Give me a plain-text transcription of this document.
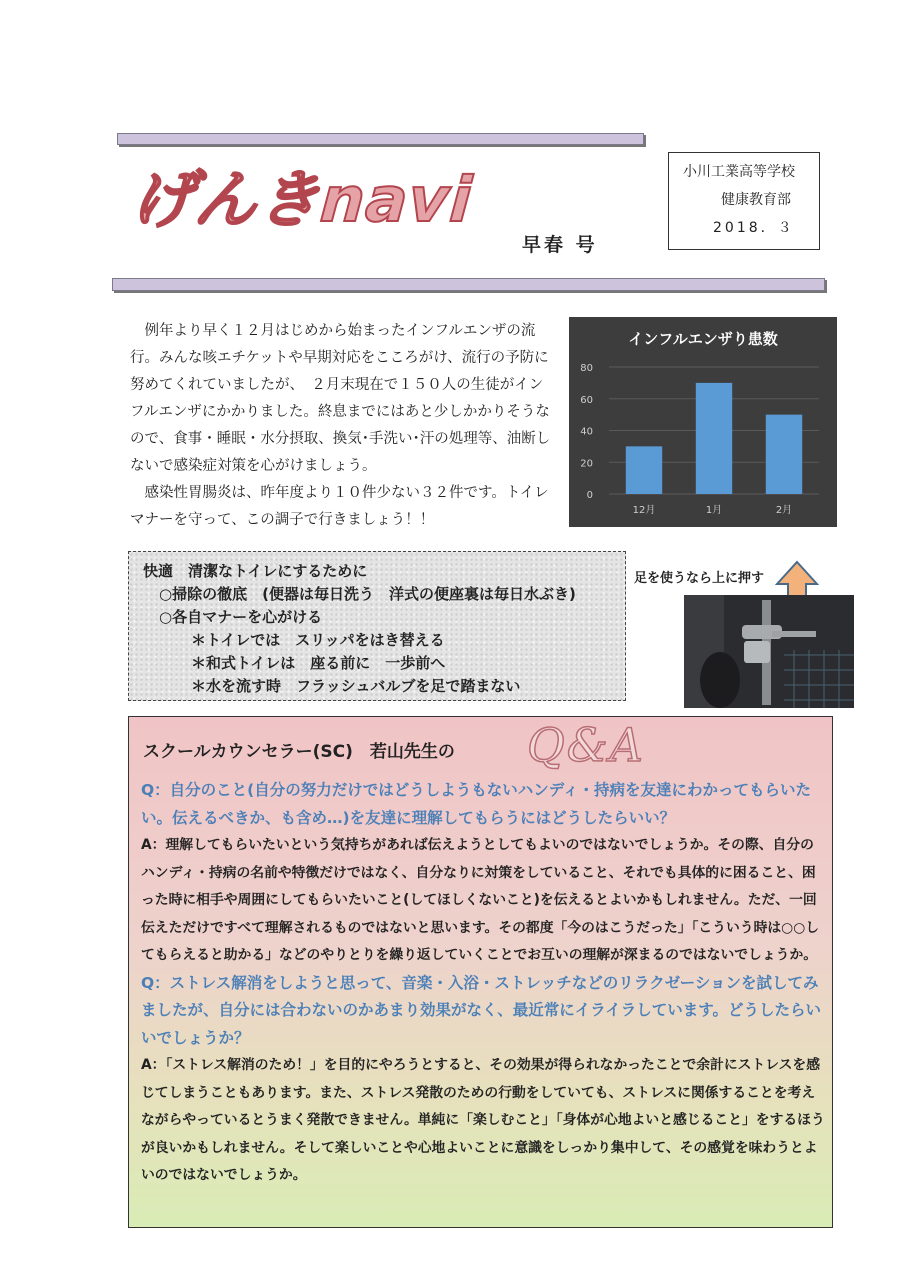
げんきnavi
早春 号
小川工業高等学校
健康教育部
2018．３

例年より早く１２月はじめから始まったインフルエンザの流行。みんな咳エチケットや早期対応をこころがけ、流行の予防に努めてくれていましたが、　２月末現在で１５０人の生徒がインフルエンザにかかりました。終息までにはあと少しかかりそうなので、食事・睡眠・水分摂取、換気･手洗い･汗の処理等、油断しないで感染症対策を心がけましょう。

感染性胃腸炎は、昨年度より１０件少ない３２件です。トイレマナーを守って、この調子で行きましょう！！

インフルエンザり患数
0
20
40
60
80
12月	1月	2月
快適　清潔なトイレにするために
○掃除の徹底　(便器は毎日洗う　洋式の便座裏は毎日水ぶき)
○各自マナーを心がける
＊トイレでは　スリッパをはき替える
＊和式トイレは　座る前に　一歩前へ
＊水を流す時　フラッシュバルブを足で踏まない
足を使うなら上に押す
Q&A
スクールカウンセラー(SC)　若山先生の

Q：自分のこと(自分の努力だけではどうしようもないハンディ・持病を友達にわかってもらいたい。伝えるべきか、も含め…)を友達に理解してもらうにはどうしたらいい？

A：理解してもらいたいという気持ちがあれば伝えようとしてもよいのではないでしょうか。その際、自分のハンディ・持病の名前や特徴だけではなく、自分なりに対策をしていること、それでも具体的に困ること、困った時に相手や周囲にしてもらいたいこと(してほしくないこと)を伝えるとよいかもしれません。ただ、一回伝えただけですべて理解されるものではないと思います。その都度「今のはこうだった」「こういう時は○○してもらえると助かる」などのやりとりを繰り返していくことでお互いの理解が深まるのではないでしょうか。

Q：ストレス解消をしようと思って、音楽・入浴・ストレッチなどのリラクゼーションを試してみましたが、自分には合わないのかあまり効果がなく、最近常にイライラしています。どうしたらいいでしょうか？

A：「ストレス解消のため！」を目的にやろうとすると、その効果が得られなかったことで余計にストレスを感じてしまうこともあります。また、ストレス発散のための行動をしていても、ストレスに関係することを考えながらやっているとうまく発散できません。単純に「楽しむこと」「身体が心地よいと感じること」をするほうが良いかもしれません。そして楽しいことや心地よいことに意識をしっかり集中して、その感覚を味わうとよいのではないでしょうか。
